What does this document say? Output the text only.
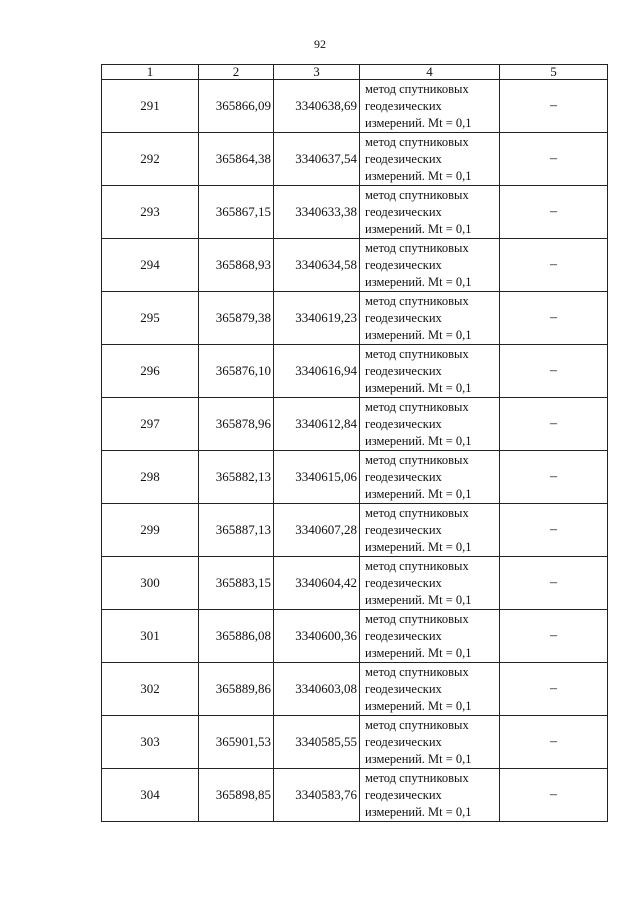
92
1	2	3	4	5
291	365866,09	3340638,69	метод спутниковых
геодезических
измерений. Mt = 0,1	–
292	365864,38	3340637,54	метод спутниковых
геодезических
измерений. Mt = 0,1	–
293	365867,15	3340633,38	метод спутниковых
геодезических
измерений. Mt = 0,1	–
294	365868,93	3340634,58	метод спутниковых
геодезических
измерений. Mt = 0,1	–
295	365879,38	3340619,23	метод спутниковых
геодезических
измерений. Mt = 0,1	–
296	365876,10	3340616,94	метод спутниковых
геодезических
измерений. Mt = 0,1	–
297	365878,96	3340612,84	метод спутниковых
геодезических
измерений. Mt = 0,1	–
298	365882,13	3340615,06	метод спутниковых
геодезических
измерений. Mt = 0,1	–
299	365887,13	3340607,28	метод спутниковых
геодезических
измерений. Mt = 0,1	–
300	365883,15	3340604,42	метод спутниковых
геодезических
измерений. Mt = 0,1	–
301	365886,08	3340600,36	метод спутниковых
геодезических
измерений. Mt = 0,1	–
302	365889,86	3340603,08	метод спутниковых
геодезических
измерений. Mt = 0,1	–
303	365901,53	3340585,55	метод спутниковых
геодезических
измерений. Mt = 0,1	–
304	365898,85	3340583,76	метод спутниковых
геодезических
измерений. Mt = 0,1	–
